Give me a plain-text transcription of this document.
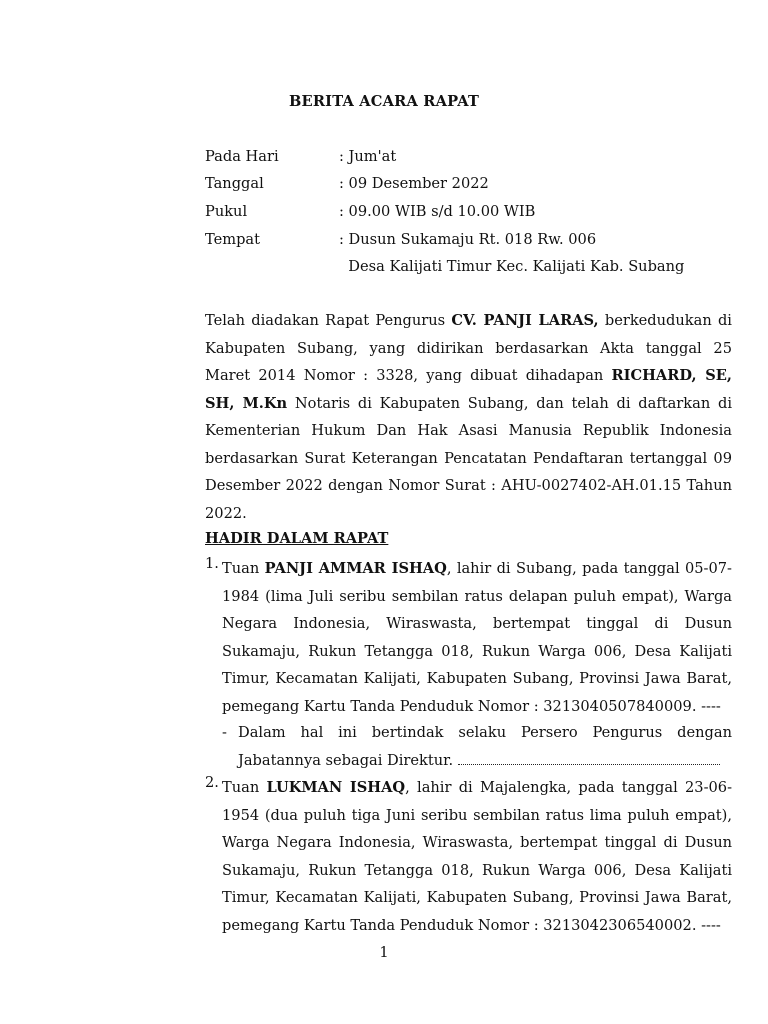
BERITA ACARA RAPAT
Pada Hari	: Jum'at
Tanggal	: 09 Desember 2022
Pukul	: 09.00 WIB s/d 10.00 WIB
Tempat	: Dusun Sukamaju Rt. 018 Rw. 006
Desa Kalijati Timur Kec. Kalijati Kab. Subang
Telah diadakan Rapat Pengurus CV. PANJI LARAS, berkedudukan di Kabupaten Subang, yang didirikan berdasarkan Akta tanggal 25 Maret 2014 Nomor : 3328, yang dibuat dihadapan RICHARD, SE, SH, M.Kn Notaris di Kabupaten Subang, dan telah di daftarkan di Kementerian Hukum Dan Hak Asasi Manusia Republik Indonesia berdasarkan Surat Keterangan Pencatatan Pendaftaran tertanggal 09 Desember 2022 dengan Nomor Surat : AHU-0027402-AH.01.15 Tahun 2022.
HADIR DALAM RAPAT
1. Tuan PANJI AMMAR ISHAQ, lahir di Subang, pada tanggal 05-07-1984 (lima Juli seribu sembilan ratus delapan puluh empat), Warga Negara Indonesia, Wiraswasta, bertempat tinggal di Dusun Sukamaju, Rukun Tetangga 018, Rukun Warga 006, Desa Kalijati Timur, Kecamatan Kalijati, Kabupaten Subang, Provinsi Jawa Barat, pemegang Kartu Tanda Penduduk Nomor : 3213040507840009. ----
- Dalam hal ini bertindak selaku Persero Pengurus dengan Jabatannya sebagai Direktur.
2. Tuan LUKMAN ISHAQ, lahir di Majalengka, pada tanggal 23-06-1954 (dua puluh tiga Juni seribu sembilan ratus lima puluh empat), Warga Negara Indonesia, Wiraswasta, bertempat tinggal di Dusun Sukamaju, Rukun Tetangga 018, Rukun Warga 006, Desa Kalijati Timur, Kecamatan Kalijati, Kabupaten Subang, Provinsi Jawa Barat, pemegang Kartu Tanda Penduduk Nomor : 3213042306540002. ----
1
